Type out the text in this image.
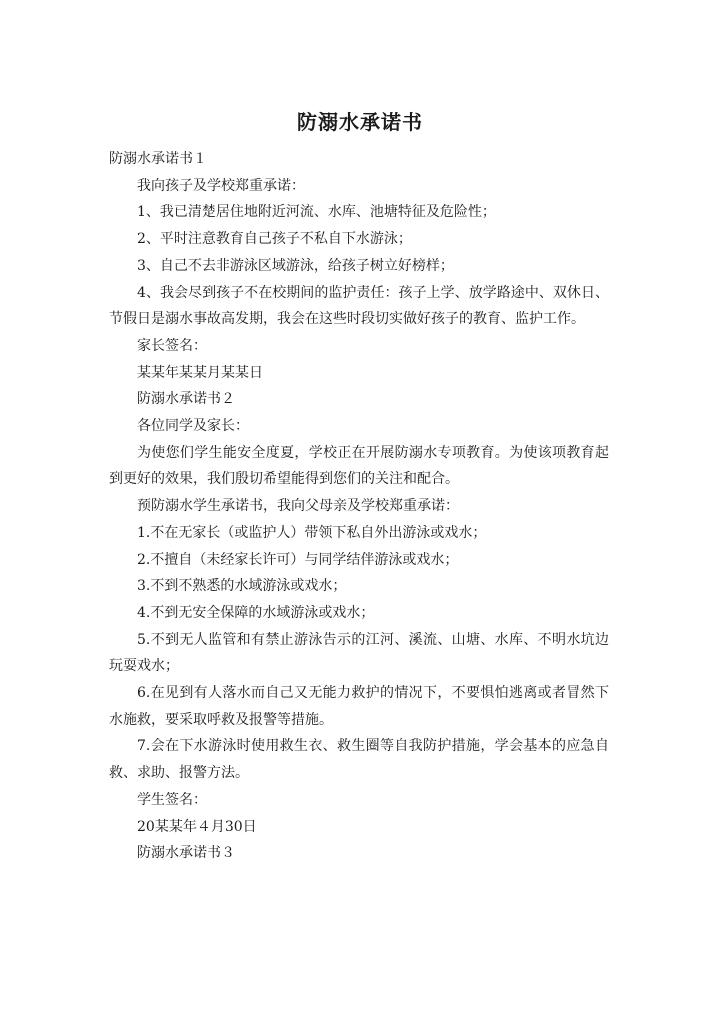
防溺水承诺书

防溺水承诺书１

我向孩子及学校郑重承诺：

1、我已清楚居住地附近河流、水库、池塘特征及危险性；

2、平时注意教育自己孩子不私自下水游泳；

3、自己不去非游泳区域游泳，给孩子树立好榜样；

4、我会尽到孩子不在校期间的监护责任：孩子上学、放学路途中、双休日、节假日是溺水事故高发期，我会在这些时段切实做好孩子的教育、监护工作。

家长签名：

某某年某某月某某日

防溺水承诺书２

各位同学及家长：

为使您们学生能安全度夏，学校正在开展防溺水专项教育。为使该项教育起到更好的效果，我们殷切希望能得到您们的关注和配合。

预防溺水学生承诺书，我向父母亲及学校郑重承诺：

1.不在无家长（或监护人）带领下私自外出游泳或戏水；

2.不擅自（未经家长许可）与同学结伴游泳或戏水；

3.不到不熟悉的水域游泳或戏水；

4.不到无安全保障的水域游泳或戏水；

5.不到无人监管和有禁止游泳告示的江河、溪流、山塘、水库、不明水坑边玩耍戏水；

6.在见到有人落水而自己又无能力救护的情况下，不要惧怕逃离或者冒然下水施救，要采取呼救及报警等措施。

7.会在下水游泳时使用救生衣、救生圈等自我防护措施，学会基本的应急自救、求助、报警方法。

学生签名：

20某某年４月30日

防溺水承诺书３
